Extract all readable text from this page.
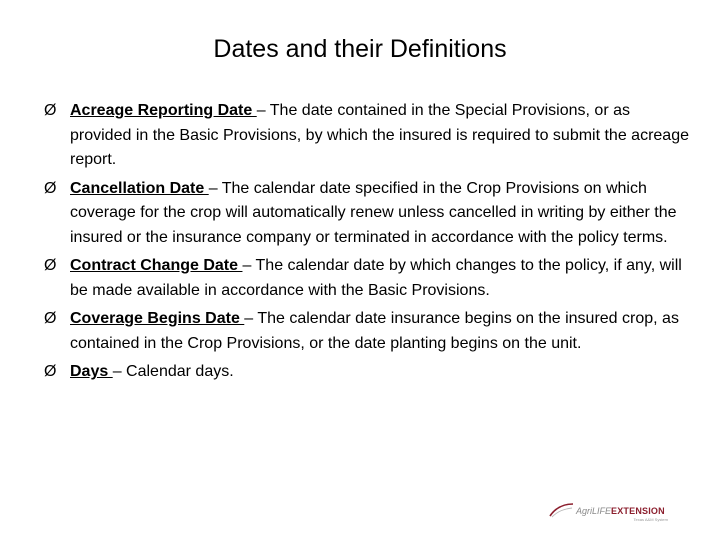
Dates and their Definitions
Ø Acreage Reporting Date – The date contained in the Special Provisions, or as provided in the Basic Provisions, by which the insured is required to submit the acreage report.
Ø Cancellation Date – The calendar date specified in the Crop Provisions on which coverage for the crop will automatically renew unless cancelled in writing by either the insured or the insurance company or terminated in accordance with the policy terms.
Ø Contract Change Date – The calendar date by which changes to the policy, if any, will be made available in accordance with the Basic Provisions.
Ø Coverage Begins Date – The calendar date insurance begins on the insured crop, as contained in the Crop Provisions, or the date planting begins on the unit.
Ø Days – Calendar days.
AgriLIFE EXTENSION
Texas A&M System
